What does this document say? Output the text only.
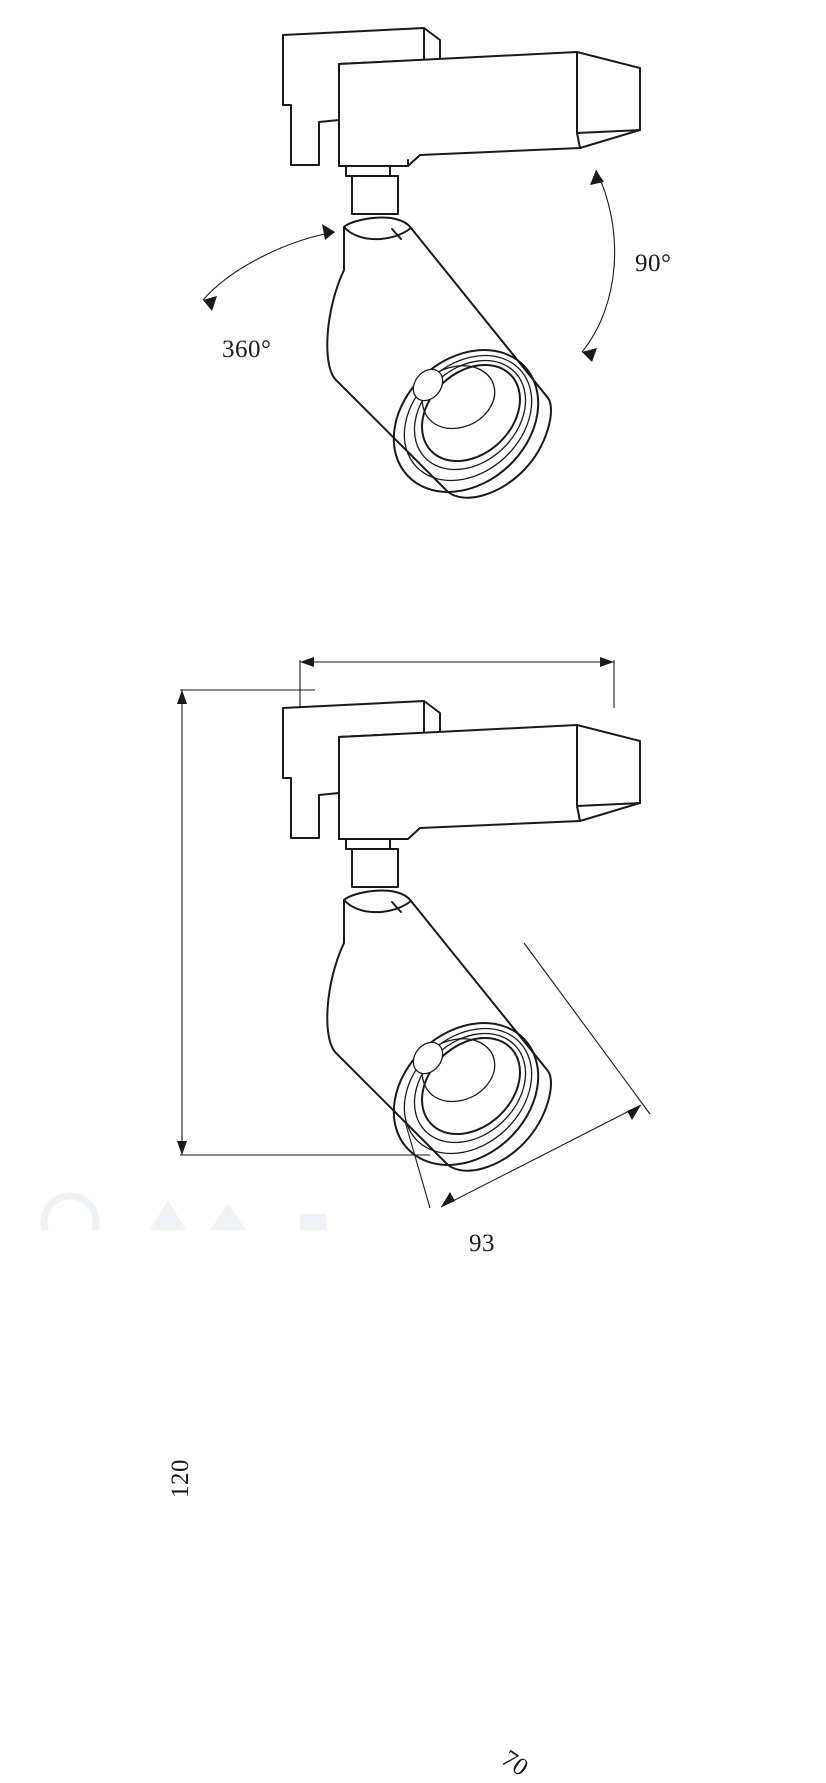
360°
90°
93
120
70
